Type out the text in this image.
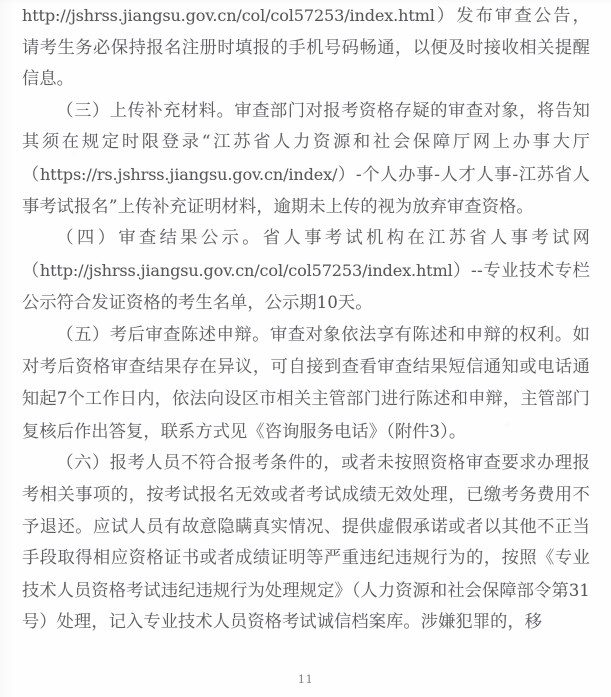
http://jshrss.jiangsu.gov.cn/col/col57253/index.html）发布审查公告，请考生务必保持报名注册时填报的手机号码畅通，以便及时接收相关提醒信息。

（三）上传补充材料。审查部门对报考资格存疑的审查对象，将告知其须在规定时限登录“江苏省人力资源和社会保障厅网上办事大厅（https://rs.jshrss.jiangsu.gov.cn/index/）-个人办事-人才人事-江苏省人事考试报名”上传补充证明材料，逾期未上传的视为放弃审查资格。

（四）审查结果公示。省人事考试机构在江苏省人事考试网（http://jshrss.jiangsu.gov.cn/col/col57253/index.html）--专业技术专栏公示符合发证资格的考生名单，公示期10天。

（五）考后审查陈述申辩。审查对象依法享有陈述和申辩的权利。如对考后资格审查结果存在异议，可自接到查看审查结果短信通知或电话通知起7个工作日内，依法向设区市相关主管部门进行陈述和申辩，主管部门复核后作出答复，联系方式见《咨询服务电话》（附件3）。

（六）报考人员不符合报考条件的，或者未按照资格审查要求办理报考相关事项的，按考试报名无效或者考试成绩无效处理，已缴考务费用不予退还。应试人员有故意隐瞒真实情况、提供虚假承诺或者以其他不正当手段取得相应资格证书或者成绩证明等严重违纪违规行为的，按照《专业技术人员资格考试违纪违规行为处理规定》（人力资源和社会保障部令第31号）处理，记入专业技术人员资格考试诚信档案库。涉嫌犯罪的，移

11
